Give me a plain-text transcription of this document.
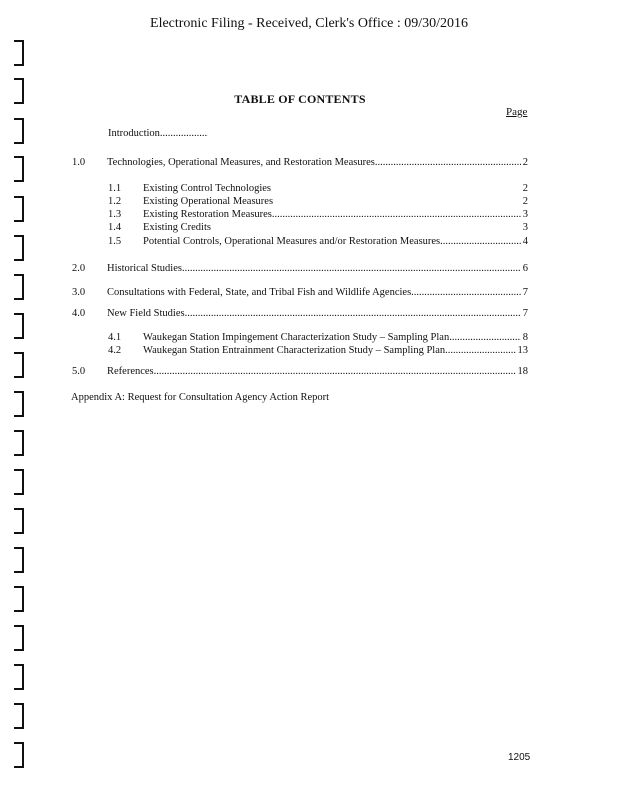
Electronic Filing - Received, Clerk's Office : 09/30/2016
TABLE OF CONTENTS
Page
Introduction
.....
1.0 Technologies, Operational Measures, and Restoration Measures .....	2
1.1 Existing Control Technologies	2
1.2 Existing Operational Measures	2
1.3 Existing Restoration Measures .....	3
1.4 Existing Credits	3
1.5 Potential Controls, Operational Measures and/or Restoration Measures .....	4
2.0 Historical Studies .....	6
3.0 Consultations with Federal, State, and Tribal Fish and Wildlife Agencies .....	7
4.0 New Field Studies .....	7
4.1 Waukegan Station Impingement Characterization Study – Sampling Plan .....	8
4.2 Waukegan Station Entrainment Characterization Study – Sampling Plan .....	13
5.0 References .....	18
Appendix A: Request for Consultation Agency Action Report
1205
